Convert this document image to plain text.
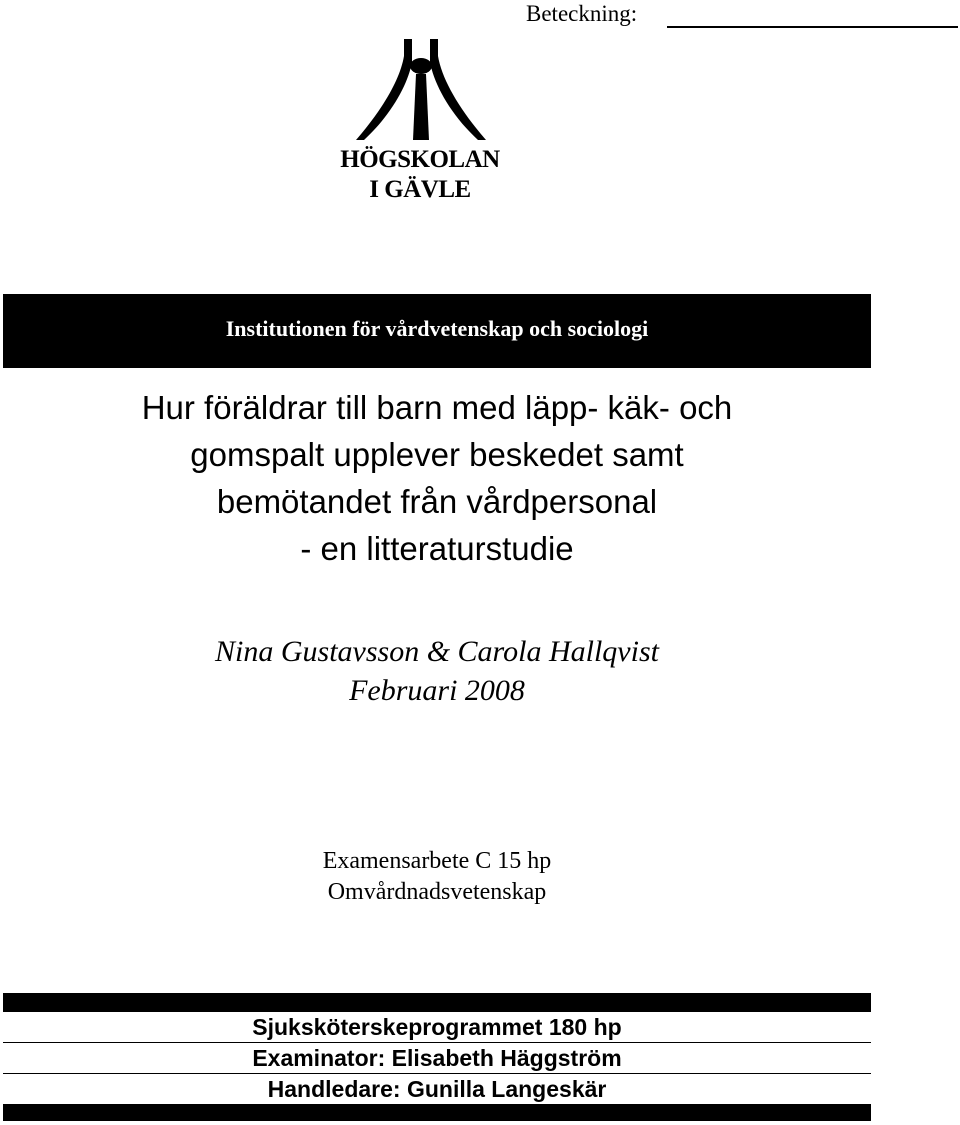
Beteckning:
HÖGSKOLAN
I GÄVLE
Institutionen för vårdvetenskap och sociologi
Hur föräldrar till barn med läpp- käk- och
gomspalt upplever beskedet samt
bemötandet från vårdpersonal
- en litteraturstudie
Nina Gustavsson & Carola Hallqvist
Februari 2008
Examensarbete C 15 hp
Omvårdnadsvetenskap
Sjuksköterskeprogrammet 180 hp
Examinator: Elisabeth Häggström
Handledare: Gunilla Langeskär
